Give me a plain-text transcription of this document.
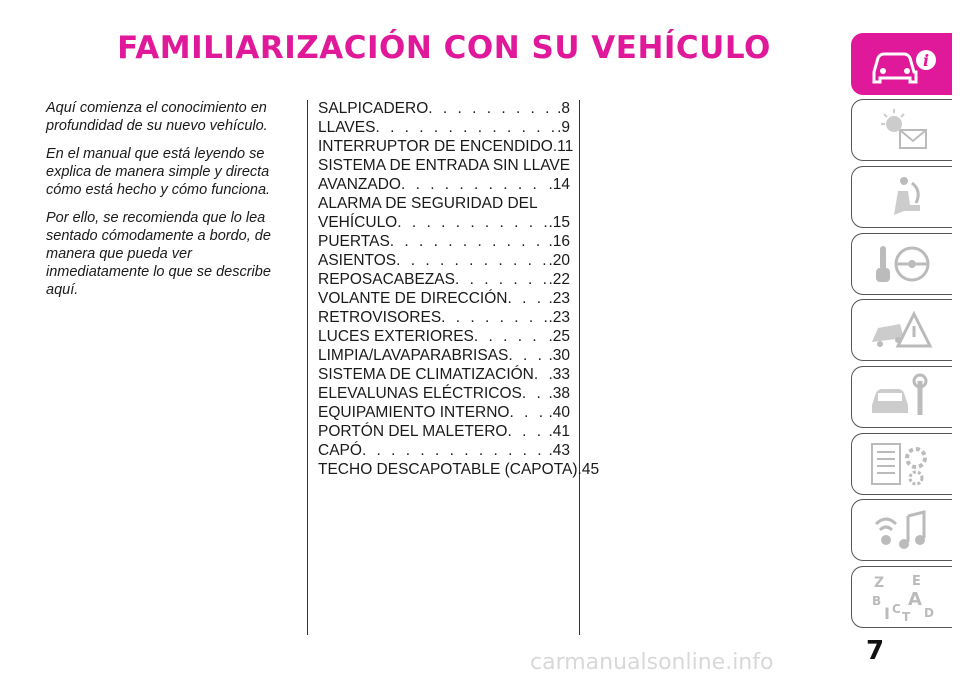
FAMILIARIZACIÓN CON SU VEHÍCULO

Aquí comienza el conocimiento en profundidad de su nuevo vehículo.

En el manual que está leyendo se explica de manera simple y directa cómo está hecho y cómo funciona.

Por ello, se recomienda que lo lea sentado cómodamente a bordo, de manera que pueda ver inmediatamente lo que se describe aquí.

SALPICADERO . . .	.8
LLAVES . . .	.9
INTERRUPTOR DE ENCENDIDO .11
SISTEMA DE ENTRADA SIN LLAVE
AVANZADO . . .	.14
ALARMA DE SEGURIDAD DEL
VEHÍCULO . . .	.15
PUERTAS . . .	.16
ASIENTOS . . .	.20
REPOSACABEZAS . . .	.22
VOLANTE DE DIRECCIÓN . . .	.23
RETROVISORES . . .	.23
LUCES EXTERIORES . . .	.25
LIMPIA/LAVAPARABRISAS . . .	.30
SISTEMA DE CLIMATIZACIÓN . . . .33
ELEVALUNAS ELÉCTRICOS . . . .38
EQUIPAMIENTO INTERNO . . .	.40
PORTÓN DEL MALETERO . . .	.41
CAPÓ . . .	.43
TECHO DESCAPOTABLE (CAPOTA) .45
i
Z E
B A
I C
T D
7
carmanualsonline.info
